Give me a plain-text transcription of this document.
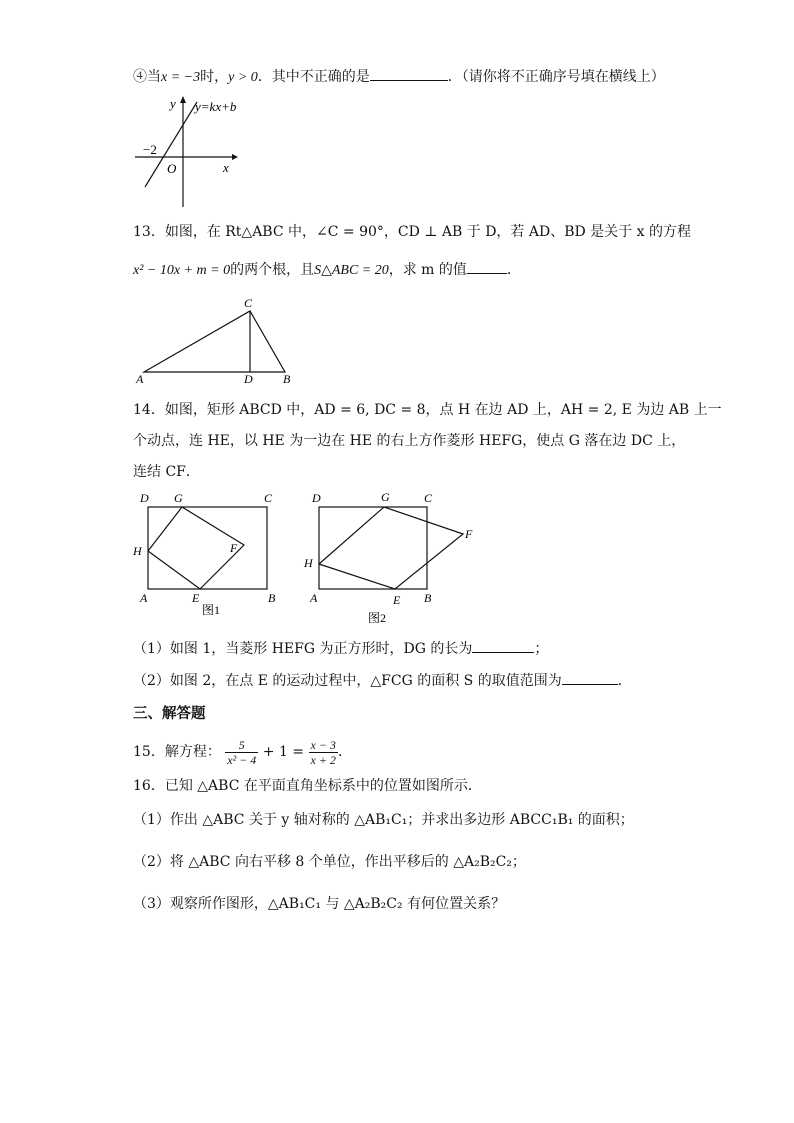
④当x = −3时，y > 0．其中不正确的是	．（请你将不正确序号填在横线上）
y
x
O
−2
y=kx+b
13．如图，在 Rt△ABC 中，∠C = 90°，CD ⊥ AB 于 D，若 AD、BD 是关于 x 的方程
x² − 10x + m = 0的两个根，且S△ABC = 20，求 m 的值	．
C
A	D	B
14．如图，矩形 ABCD 中，AD = 6, DC = 8，点 H 在边 AD 上，AH = 2, E 为边 AB 上一
个动点，连 HE，以 HE 为一边在 HE 的右上方作菱形 HEFG，使点 G 落在边 DC 上，
连结 CF．
D G	C
H	F
A	E	B
图1
D	G	C
H
F
A	E B
图2
（1）如图 1，当菱形 HEFG 为正方形时，DG 的长为	；
（2）如图 2，在点 E 的运动过程中，△FCG 的面积 S 的取值范围为	．
三、解答题
15．解方程： $\frac{5}{\text{x² − 4}} + 1 = \frac{x - 3}{x + 2}$ ．
16．已知 △ABC 在平面直角坐标系中的位置如图所示．
（1）作出 △ABC 关于 y 轴对称的 △AB₁C₁；并求出多边形 ABCC₁B₁ 的面积；
（2）将 △ABC 向右平移 8 个单位，作出平移后的 △A₂B₂C₂；
（3）观察所作图形，△AB₁C₁ 与 △A₂B₂C₂ 有何位置关系？
